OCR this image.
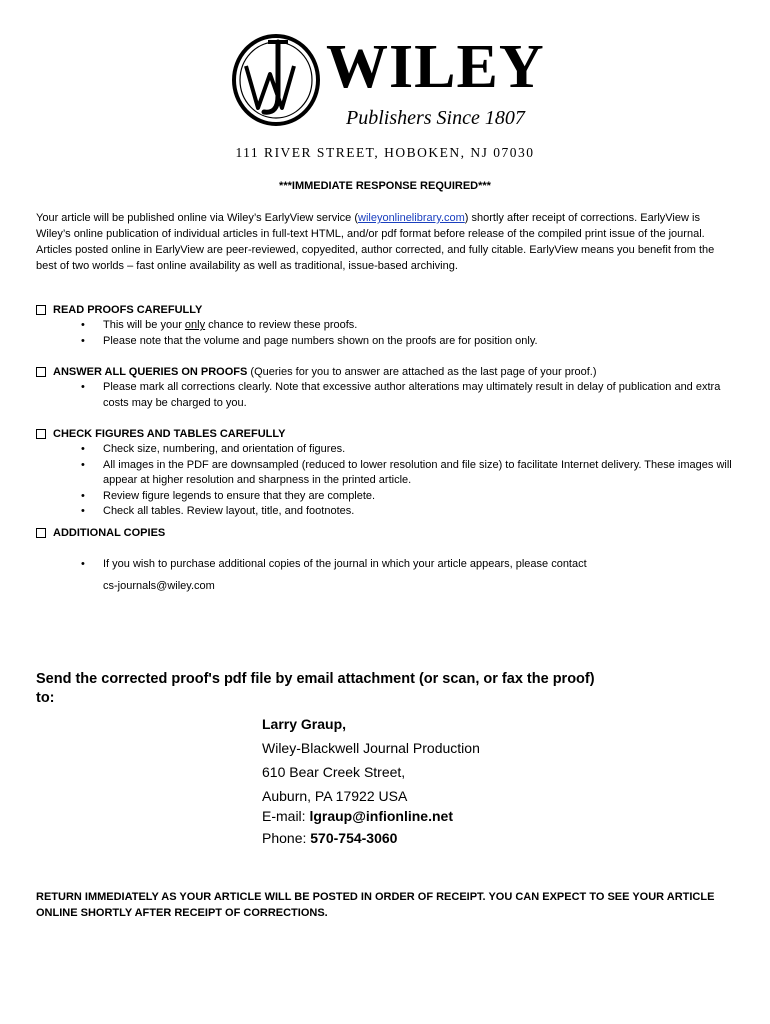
WILEY
Publishers Since 1807
111 RIVER STREET, HOBOKEN, NJ 07030
***IMMEDIATE RESPONSE REQUIRED***
Your article will be published online via Wiley’s EarlyView service (wileyonlinelibrary.com) shortly after receipt of corrections. EarlyView is Wiley’s online publication of individual articles in full-text HTML, and/or pdf format before release of the compiled print issue of the journal. Articles posted online in EarlyView are peer-reviewed, copyedited, author corrected, and fully citable. EarlyView means you benefit from the best of two worlds – fast online availability as well as traditional, issue-based archiving.
READ PROOFS CAREFULLY
• This will be your only chance to review these proofs.
• Please note that the volume and page numbers shown on the proofs are for position only.
ANSWER ALL QUERIES ON PROOFS (Queries for you to answer are attached as the last page of your proof.)
• Please mark all corrections clearly. Note that excessive author alterations may ultimately result in delay of publication and extra costs may be charged to you.
CHECK FIGURES AND TABLES CAREFULLY
• Check size, numbering, and orientation of figures.
• All images in the PDF are downsampled (reduced to lower resolution and file size) to facilitate Internet delivery. These images will appear at higher resolution and sharpness in the printed article.
• Review figure legends to ensure that they are complete.
• Check all tables. Review layout, title, and footnotes.
ADDITIONAL COPIES
• If you wish to purchase additional copies of the journal in which your article appears, please contact
cs-journals@wiley.com
Send the corrected proof's pdf file by email attachment (or scan, or fax the proof) to:
Larry Graup,
Wiley-Blackwell Journal Production
610 Bear Creek Street,
Auburn, PA 17922 USA
E-mail: lgraup@infionline.net
Phone: 570-754-3060
RETURN IMMEDIATELY AS YOUR ARTICLE WILL BE POSTED IN ORDER OF RECEIPT. YOU CAN EXPECT TO SEE YOUR ARTICLE ONLINE SHORTLY AFTER RECEIPT OF CORRECTIONS.
